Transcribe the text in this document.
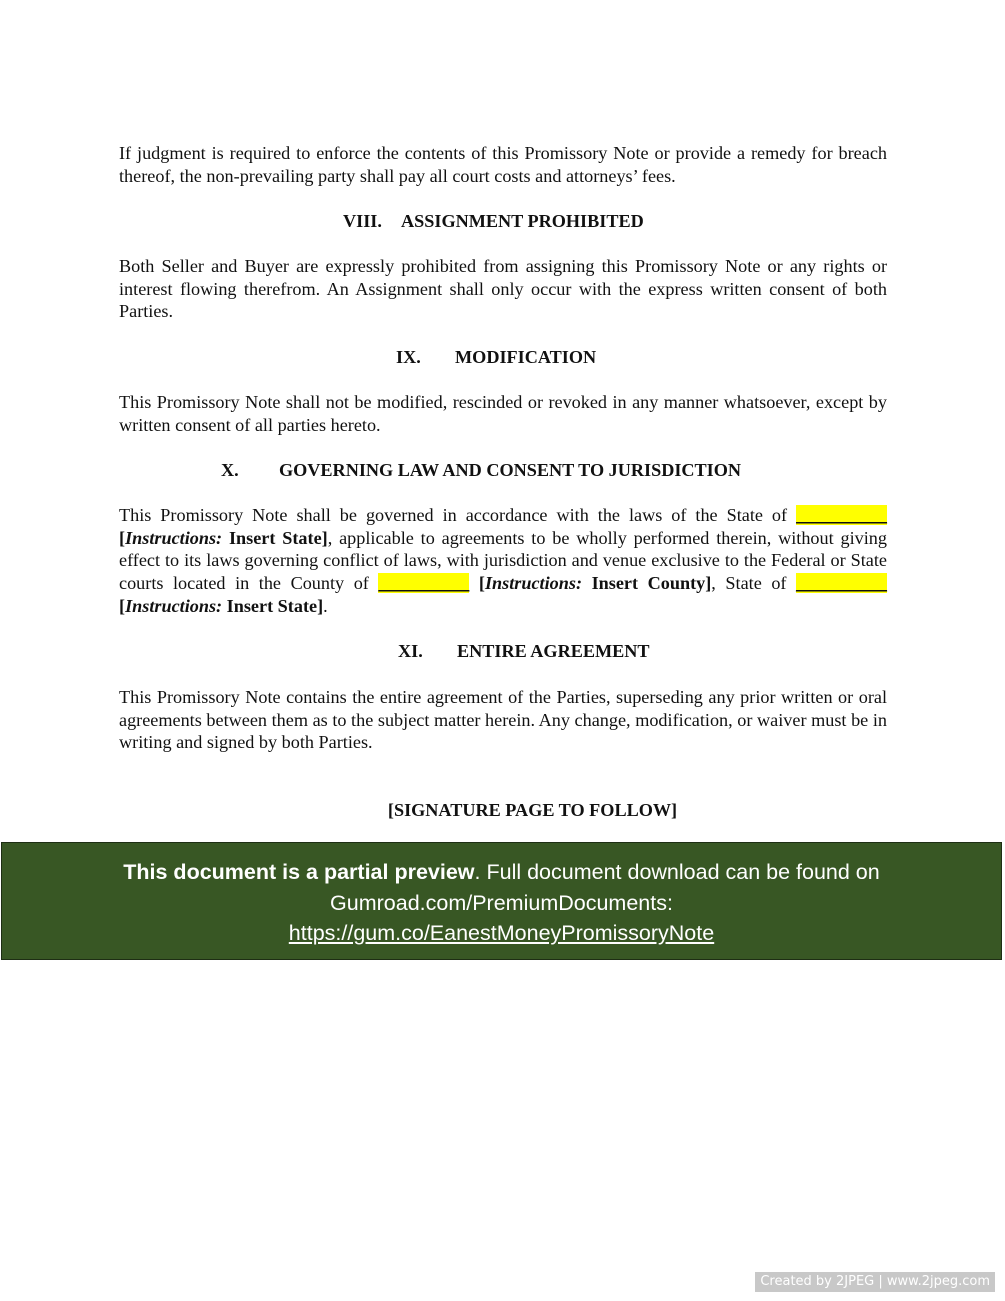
If judgment is required to enforce the contents of this Promissory Note or provide a remedy for breach thereof, the non-prevailing party shall pay all court costs and attorneys’ fees.

VIII. ASSIGNMENT PROHIBITED

Both Seller and Buyer are expressly prohibited from assigning this Promissory Note or any rights or interest flowing therefrom. An Assignment shall only occur with the express written consent of both Parties.

IX. MODIFICATION

This Promissory Note shall not be modified, rescinded or revoked in any manner whatsoever, except by written consent of all parties hereto.

X. GOVERNING LAW AND CONSENT TO JURISDICTION

This Promissory Note shall be governed in accordance with the laws of the State of __________ [Instructions: Insert State], applicable to agreements to be wholly performed therein, without giving effect to its laws governing conflict of laws, with jurisdiction and venue exclusive to the Federal or State courts located in the County of __________ [Instructions: Insert County], State of __________ [Instructions: Insert State].

XI. ENTIRE AGREEMENT

This Promissory Note contains the entire agreement of the Parties, superseding any prior written or oral agreements between them as to the subject matter herein. Any change, modification, or waiver must be in writing and signed by both Parties.

[SIGNATURE PAGE TO FOLLOW]
This document is a partial preview. Full document download can be found on
Gumroad.com/PremiumDocuments:
https://gum.co/EanestMoneyPromissoryNote
Created by 2JPEG | www.2jpeg.com
